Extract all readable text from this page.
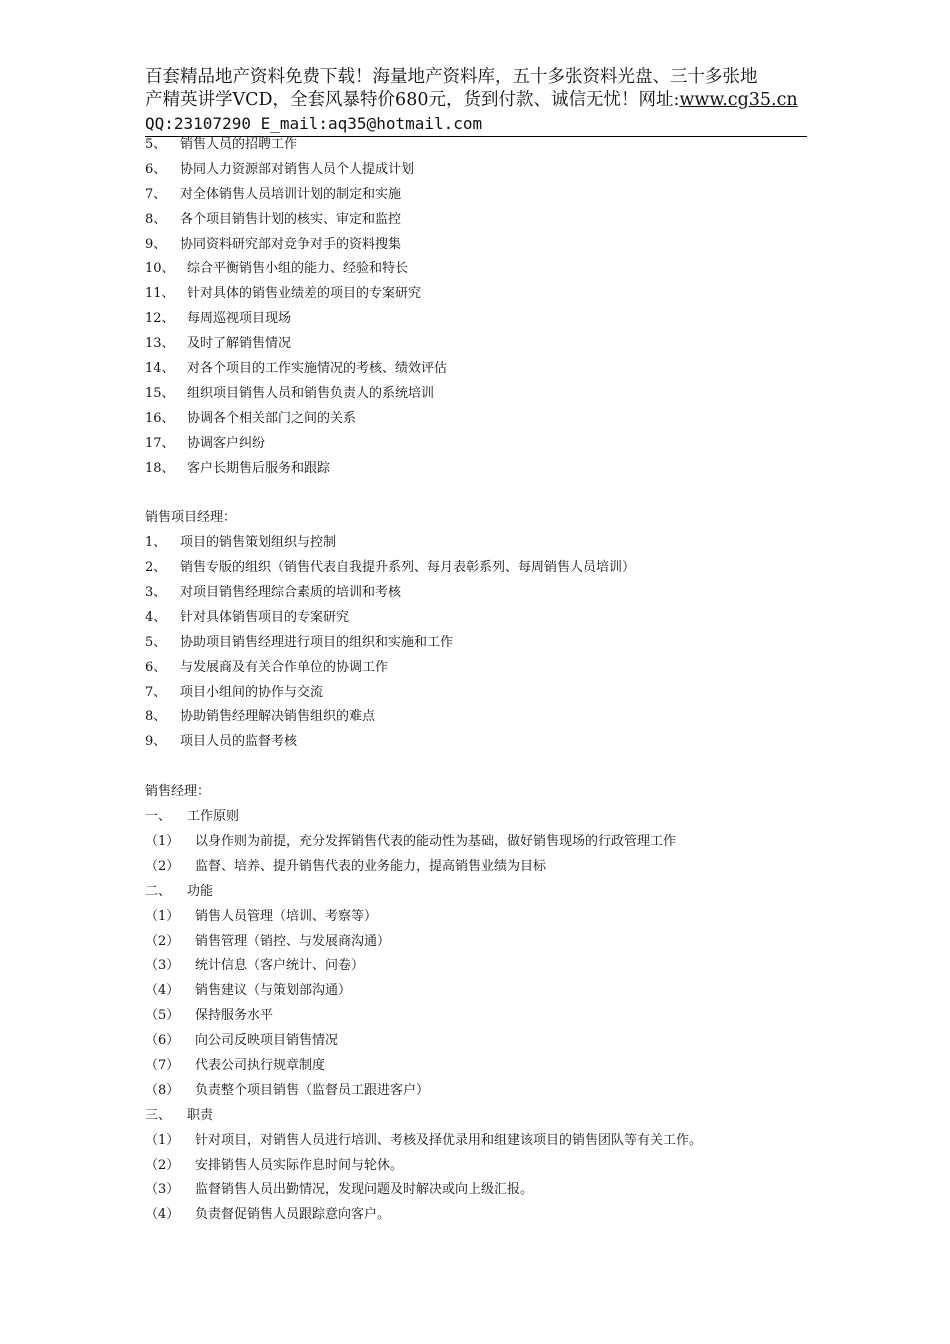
百套精品地产资料免费下载！海量地产资料库，五十多张资料光盘、三十多张地
产精英讲学VCD，全套风暴特价680元，货到付款、诚信无忧！网址:www.cg35.cn
QQ:23107290 E_mail:aq35@hotmail.com
5、	销售人员的招聘工作
6、	协同人力资源部对销售人员个人提成计划
7、	对全体销售人员培训计划的制定和实施
8、	各个项目销售计划的核实、审定和监控
9、	协同资料研究部对竞争对手的资料搜集
10、 综合平衡销售小组的能力、经验和特长
11、 针对具体的销售业绩差的项目的专案研究
12、 每周巡视项目现场
13、 及时了解销售情况
14、 对各个项目的工作实施情况的考核、绩效评估
15、 组织项目销售人员和销售负责人的系统培训
16、 协调各个相关部门之间的关系
17、 协调客户纠纷
18、 客户长期售后服务和跟踪
销售项目经理：
1、	项目的销售策划组织与控制
2、	销售专版的组织（销售代表自我提升系列、每月表彰系列、每周销售人员培训）
3、	对项目销售经理综合素质的培训和考核
4、	针对具体销售项目的专案研究
5、	协助项目销售经理进行项目的组织和实施和工作
6、	与发展商及有关合作单位的协调工作
7、	项目小组间的协作与交流
8、	协助销售经理解决销售组织的难点
9、	项目人员的监督考核
销售经理：
一、	工作原则
（1）	以身作则为前提，充分发挥销售代表的能动性为基础，做好销售现场的行政管理工作
（2）	监督、培养、提升销售代表的业务能力，提高销售业绩为目标
二、	功能
（1）	销售人员管理（培训、考察等）
（2）	销售管理（销控、与发展商沟通）
（3）	统计信息（客户统计、问卷）
（4）	销售建议（与策划部沟通）
（5）	保持服务水平
（6）	向公司反映项目销售情况
（7）	代表公司执行规章制度
（8）	负责整个项目销售（监督员工跟进客户）
三、	职责
（1）	针对项目，对销售人员进行培训、考核及择优录用和组建该项目的销售团队等有关工作。
（2）	安排销售人员实际作息时间与轮休。
（3）	监督销售人员出勤情况，发现问题及时解决或向上级汇报。
（4）	负责督促销售人员跟踪意向客户。
